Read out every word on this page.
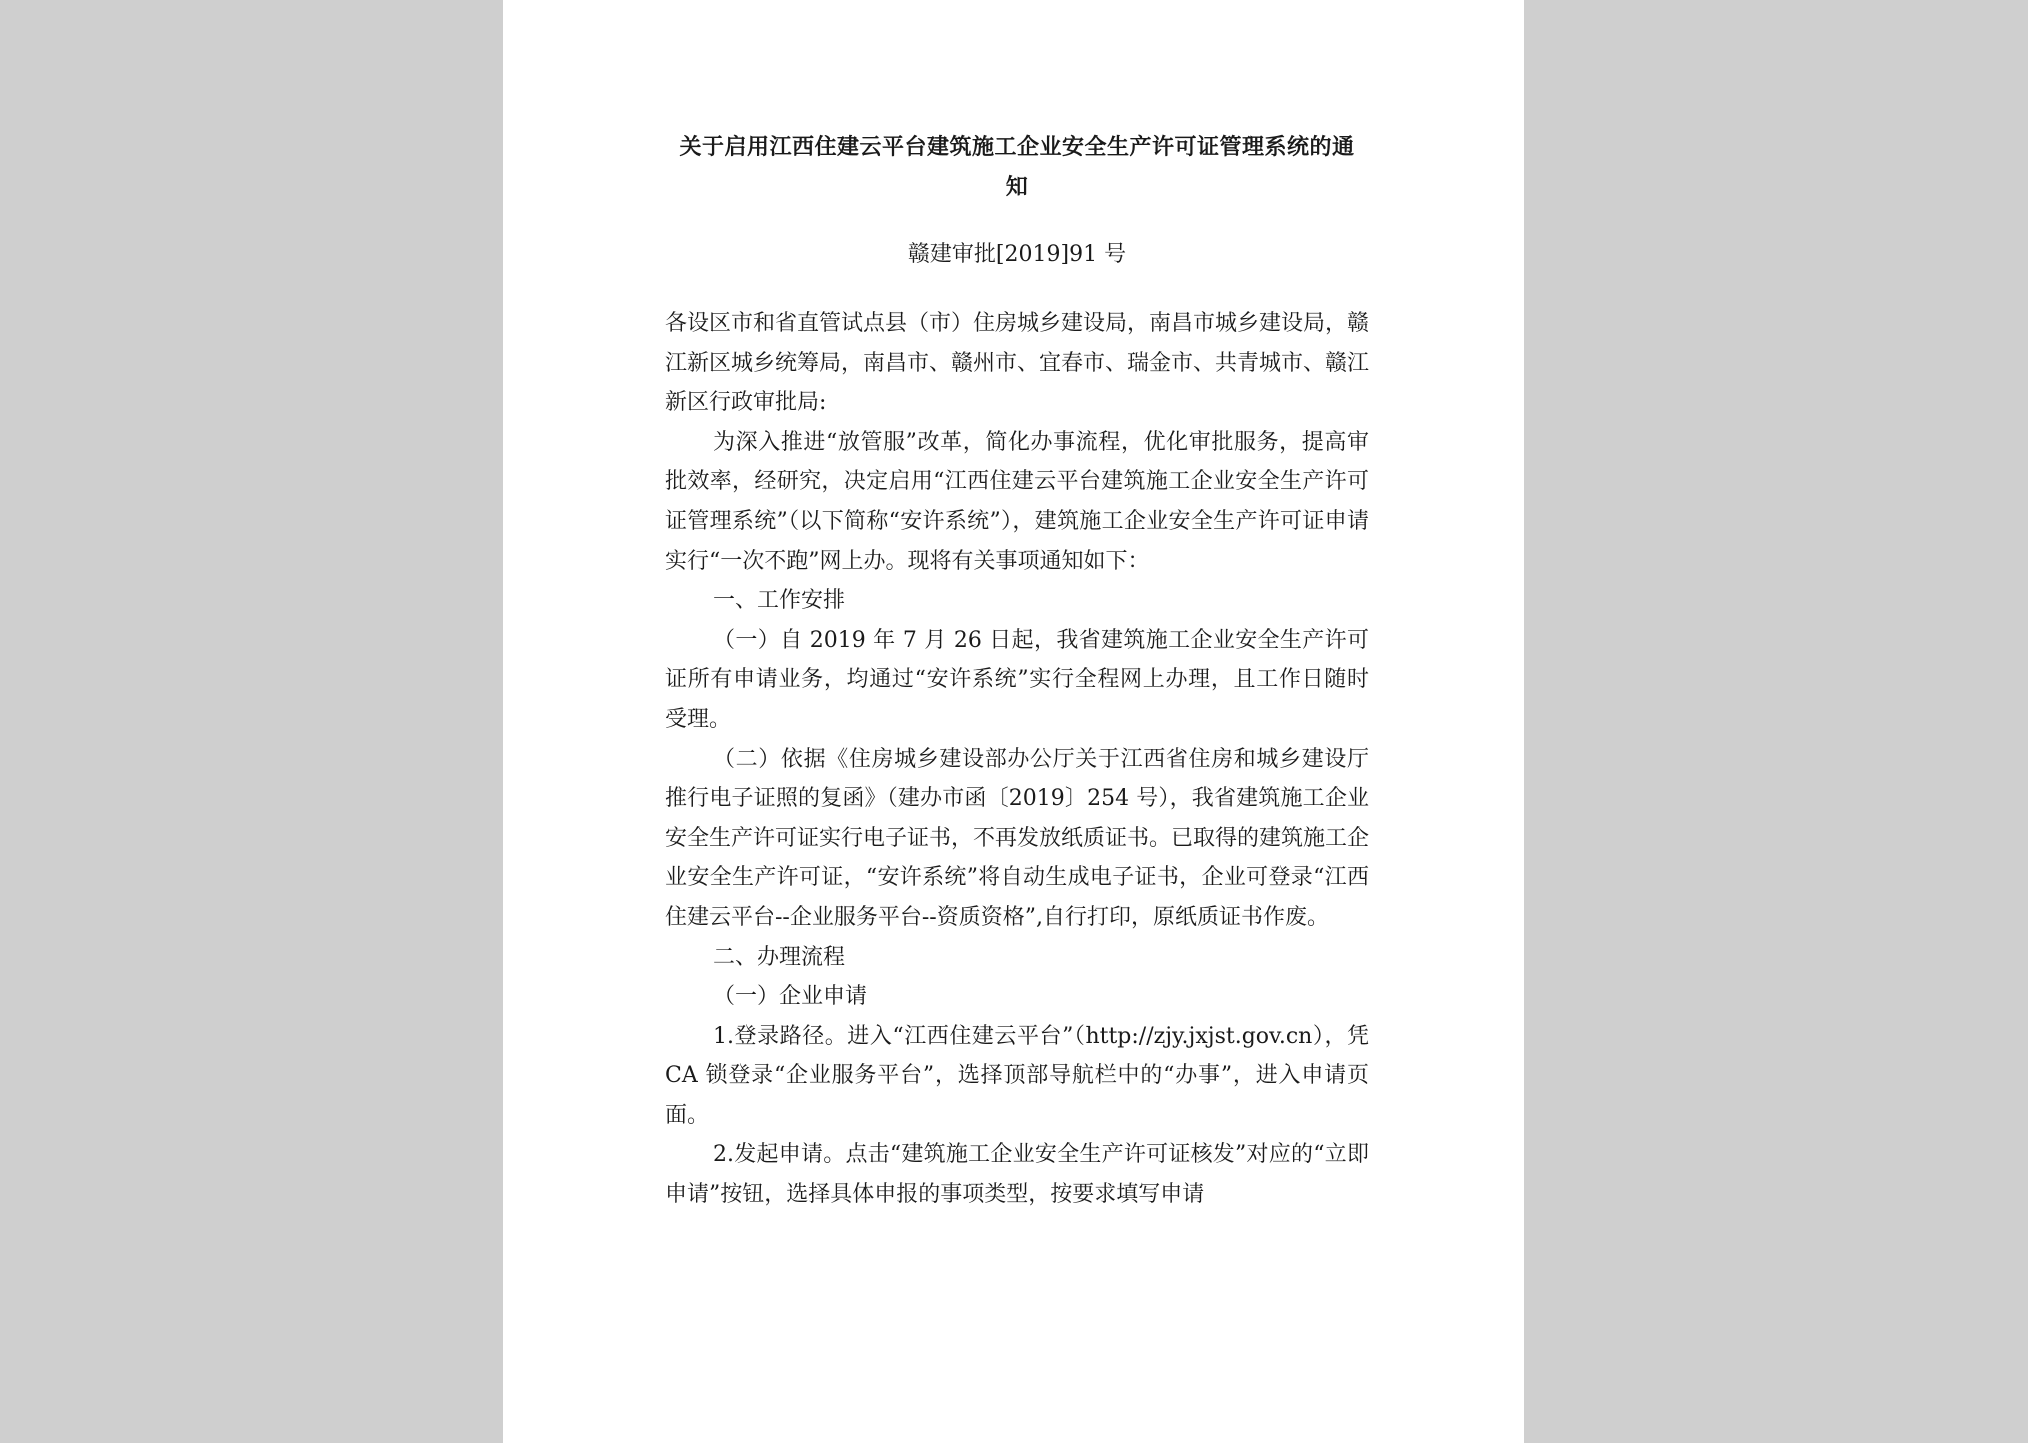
关于启用江西住建云平台建筑施工企业安全生产许可证管理系统的通知
赣建审批[2019]91 号

各设区市和省直管试点县（市）住房城乡建设局，南昌市城乡建设局，赣江新区城乡统筹局，南昌市、赣州市、宜春市、瑞金市、共青城市、赣江新区行政审批局:

为深入推进“放管服”改革，简化办事流程，优化审批服务，提高审批效率，经研究，决定启用“江西住建云平台建筑施工企业安全生产许可证管理系统”（以下简称“安许系统”），建筑施工企业安全生产许可证申请实行“一次不跑”网上办。现将有关事项通知如下：

一、工作安排

（一）自 2019 年 7 月 26 日起，我省建筑施工企业安全生产许可证所有申请业务，均通过“安许系统”实行全程网上办理，且工作日随时受理。

（二）依据《住房城乡建设部办公厅关于江西省住房和城乡建设厅推行电子证照的复函》（建办市函〔2019〕254 号），我省建筑施工企业安全生产许可证实行电子证书，不再发放纸质证书。已取得的建筑施工企业安全生产许可证，“安许系统”将自动生成电子证书，企业可登录“江西住建云平台--企业服务平台--资质资格”,自行打印，原纸质证书作废。

二、办理流程

（一）企业申请

1.登录路径。进入“江西住建云平台”（http://zjy.jxjst.gov.cn），凭 CA 锁登录“企业服务平台”，选择顶部导航栏中的“办事”，进入申请页面。

2.发起申请。点击“建筑施工企业安全生产许可证核发”对应的“立即申请”按钮，选择具体申报的事项类型，按要求填写申请
